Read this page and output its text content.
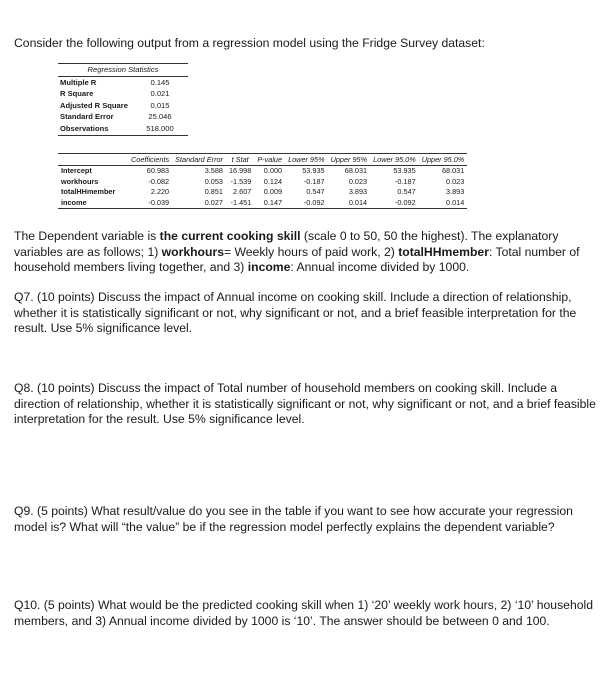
Consider the following output from a regression model using the Fridge Survey dataset:
Regression Statistics	
Multiple R	0.145
R Square	0.021
Adjusted R Square	0.015
Standard Error	25.046
Observations	518.000
	Coefficients	Standard Error	t Stat	P-value	Lower 95%	Upper 95%	Lower 95.0%	Upper 95.0%
Intercept	60.983	3.588	16.998	0.000	53.935	68.031	53.935	68.031
workhours	-0.082	0.053	-1.539	0.124	-0.187	0.023	-0.187	0.023
totalHHmember	2.220	0.851	2.607	0.009	0.547	3.893	0.547	3.893
income	-0.039	0.027	-1.451	0.147	-0.092	0.014	-0.092	0.014

The Dependent variable is the current cooking skill (scale 0 to 50, 50 the highest). The explanatory variables are as follows; 1) workhours= Weekly hours of paid work, 2) totalHHmember: Total number of household members living together, and 3) income: Annual income divided by 1000.

Q7. (10 points) Discuss the impact of Annual income on cooking skill. Include a direction of relationship, whether it is statistically significant or not, why significant or not, and a brief feasible interpretation for the result. Use 5% significance level.

Q8. (10 points) Discuss the impact of Total number of household members on cooking skill. Include a direction of relationship, whether it is statistically significant or not, why significant or not, and a brief feasible interpretation for the result. Use 5% significance level.

Q9. (5 points) What result/value do you see in the table if you want to see how accurate your regression model is? What will “the value” be if the regression model perfectly explains the dependent variable?

Q10. (5 points) What would be the predicted cooking skill when 1) ‘20’ weekly work hours, 2) ‘10’ household members, and 3) Annual income divided by 1000 is ‘10’. The answer should be between 0 and 100.
